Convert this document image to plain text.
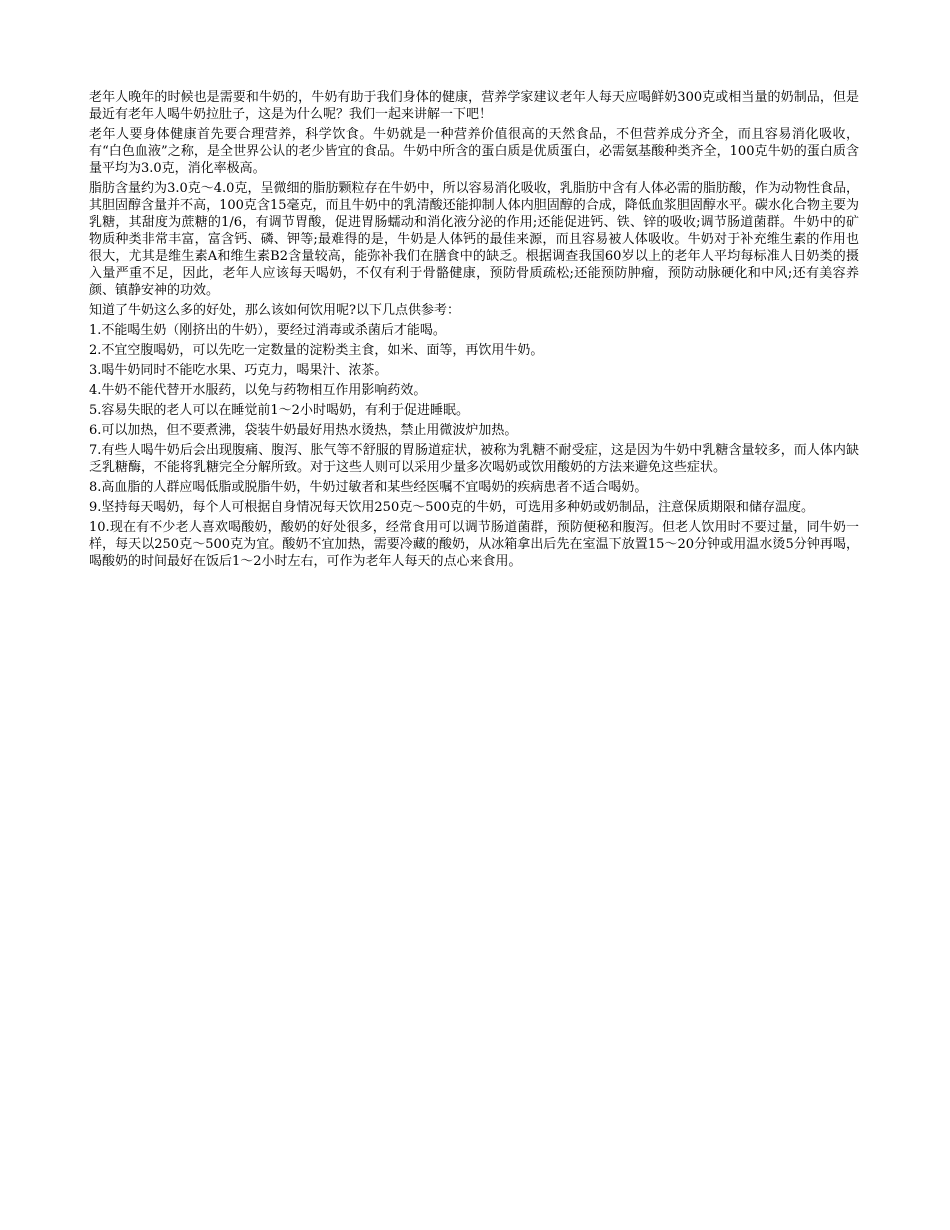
老年人晚年的时候也是需要和牛奶的，牛奶有助于我们身体的健康，营养学家建议老年人每天应喝鲜奶300克或相当量的奶制品，但是最近有老年人喝牛奶拉肚子，这是为什么呢？我们一起来讲解一下吧！

老年人要身体健康首先要合理营养，科学饮食。牛奶就是一种营养价值很高的天然食品，不但营养成分齐全，而且容易消化吸收，有“白色血液”之称，是全世界公认的老少皆宜的食品。牛奶中所含的蛋白质是优质蛋白，必需氨基酸种类齐全，100克牛奶的蛋白质含量平均为3.0克，消化率极高。

脂肪含量约为3.0克～4.0克，呈微细的脂肪颗粒存在牛奶中，所以容易消化吸收，乳脂肪中含有人体必需的脂肪酸，作为动物性食品，其胆固醇含量并不高，100克含15毫克，而且牛奶中的乳清酸还能抑制人体内胆固醇的合成，降低血浆胆固醇水平。碳水化合物主要为乳糖，其甜度为蔗糖的1/6，有调节胃酸，促进胃肠蠕动和消化液分泌的作用;还能促进钙、铁、锌的吸收;调节肠道菌群。牛奶中的矿物质种类非常丰富，富含钙、磷、钾等;最难得的是，牛奶是人体钙的最佳来源，而且容易被人体吸收。牛奶对于补充维生素的作用也很大，尤其是维生素A和维生素B2含量较高，能弥补我们在膳食中的缺乏。根据调查我国60岁以上的老年人平均每标准人日奶类的摄入量严重不足，因此，老年人应该每天喝奶，不仅有利于骨骼健康，预防骨质疏松;还能预防肿瘤，预防动脉硬化和中风;还有美容养颜、镇静安神的功效。

知道了牛奶这么多的好处，那么该如何饮用呢?以下几点供参考：

1.不能喝生奶（刚挤出的牛奶），要经过消毒或杀菌后才能喝。

2.不宜空腹喝奶，可以先吃一定数量的淀粉类主食，如米、面等，再饮用牛奶。

3.喝牛奶同时不能吃水果、巧克力，喝果汁、浓茶。

4.牛奶不能代替开水服药，以免与药物相互作用影响药效。

5.容易失眠的老人可以在睡觉前1～2小时喝奶，有利于促进睡眠。

6.可以加热，但不要煮沸，袋装牛奶最好用热水烫热，禁止用微波炉加热。

7.有些人喝牛奶后会出现腹痛、腹泻、胀气等不舒服的胃肠道症状，被称为乳糖不耐受症，这是因为牛奶中乳糖含量较多，而人体内缺乏乳糖酶，不能将乳糖完全分解所致。对于这些人则可以采用少量多次喝奶或饮用酸奶的方法来避免这些症状。

8.高血脂的人群应喝低脂或脱脂牛奶，牛奶过敏者和某些经医嘱不宜喝奶的疾病患者不适合喝奶。

9.坚持每天喝奶，每个人可根据自身情况每天饮用250克～500克的牛奶，可选用多种奶或奶制品，注意保质期限和储存温度。

10.现在有不少老人喜欢喝酸奶，酸奶的好处很多，经常食用可以调节肠道菌群，预防便秘和腹泻。但老人饮用时不要过量，同牛奶一样，每天以250克～500克为宜。酸奶不宜加热，需要冷藏的酸奶，从冰箱拿出后先在室温下放置15～20分钟或用温水烫5分钟再喝，喝酸奶的时间最好在饭后1～2小时左右，可作为老年人每天的点心来食用。
